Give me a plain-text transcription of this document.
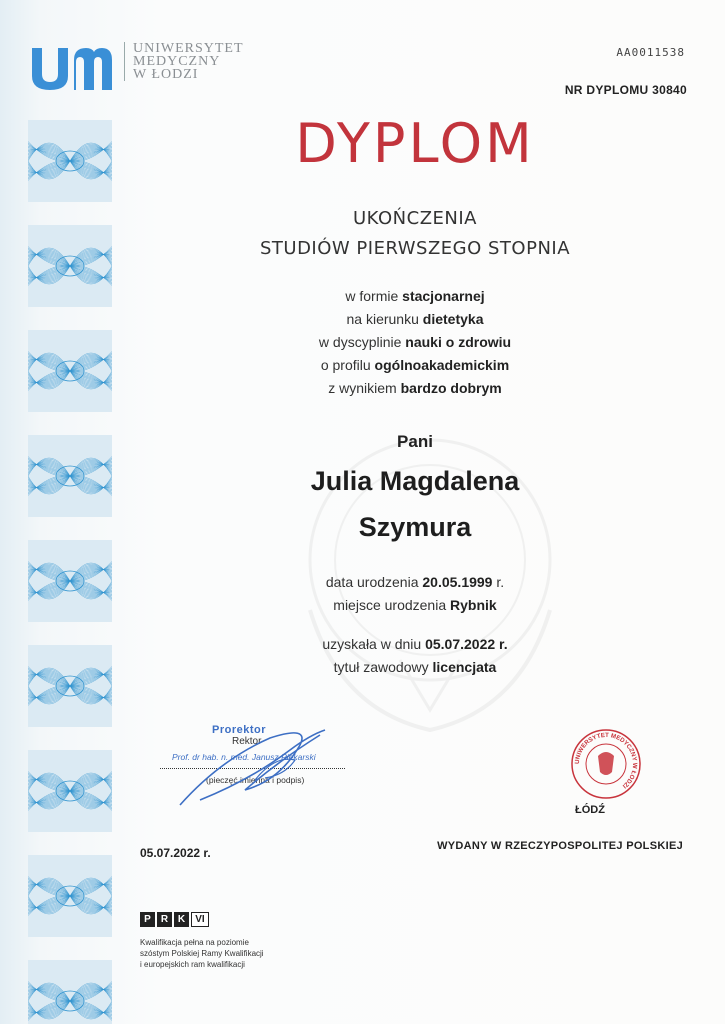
UNIWERSYTET
MEDYCZNY
W ŁODZI
AA0011538
NR DYPLOMU 30840
DYPLOM
UKOŃCZENIA
STUDIÓW PIERWSZEGO STOPNIA
w formie stacjonarnej
na kierunku dietetyka
w dyscyplinie nauki o zdrowiu
o profilu ogólnoakademickim
z wynikiem bardzo dobrym
Pani
Julia Magdalena
Szymura
data urodzenia 20.05.1999 r.
miejsce urodzenia Rybnik
uzyskała w dniu 05.07.2022 r.
tytuł zawodowy licencjata
Prorektor
Rektor
Prof. dr hab. n. med. Janusz Piekarski
(pieczęć imienna i podpis)
UNIWERSYTET MEDYCZNY W ŁODZI
ŁÓDŹ
05.07.2022 r.	WYDANY W RZECZYPOSPOLITEJ POLSKIEJ
P	R K	VI
Kwalifikacja pełna na poziomie
szóstym Polskiej Ramy Kwalifikacji
i europejskich ram kwalifikacji
